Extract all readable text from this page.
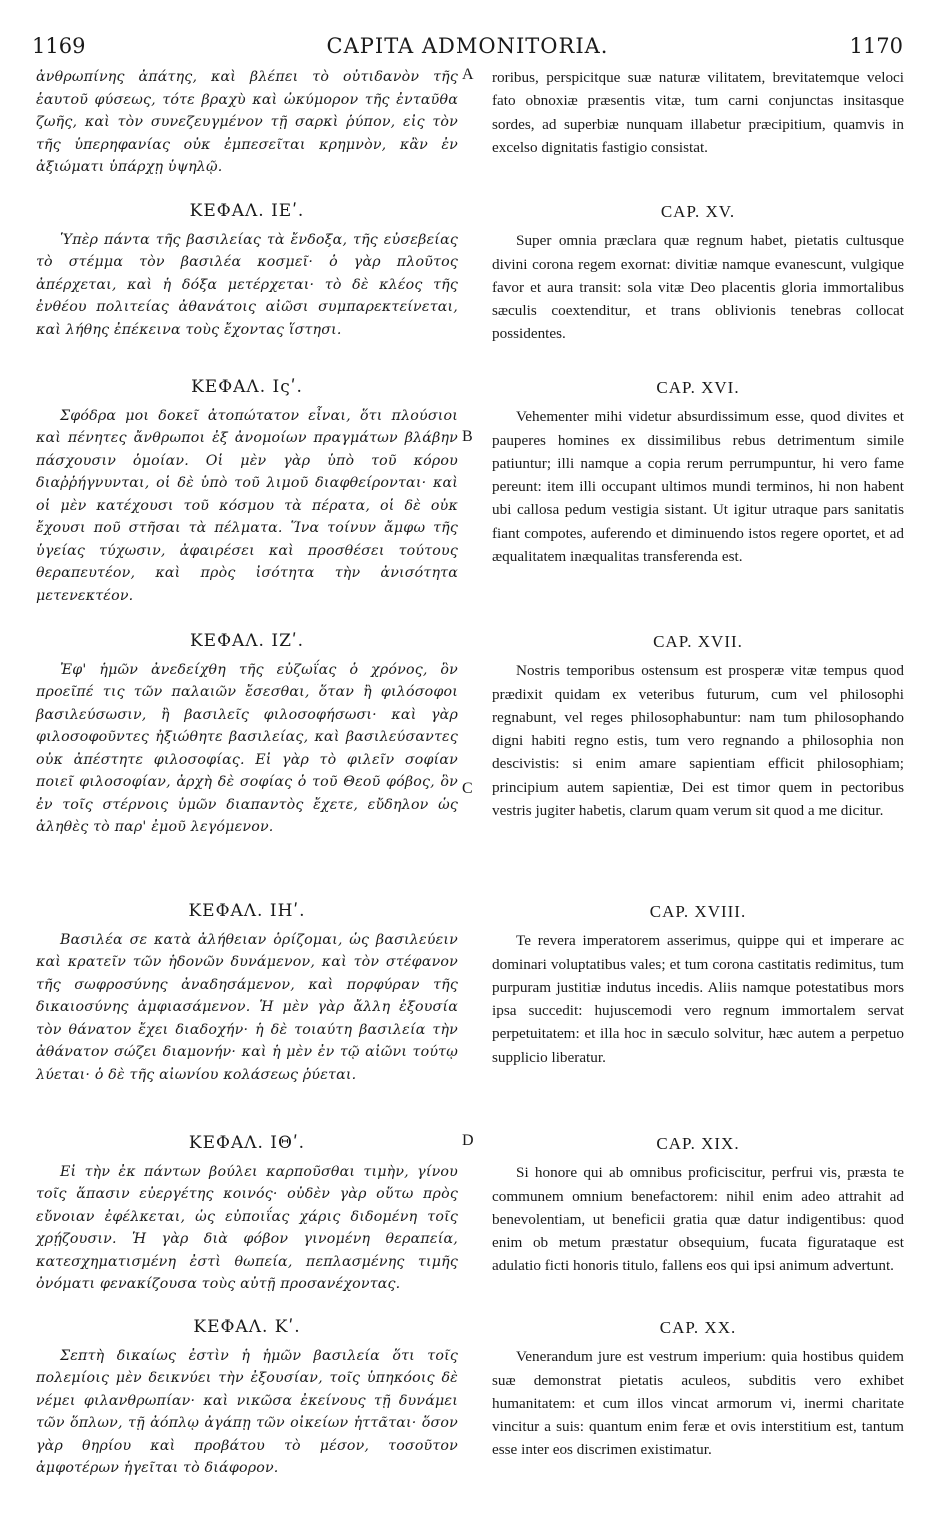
1169	CAPITA ADMONITORIA.	1170
A
B
C
D

ἀνθρωπίνης ἀπάτης, καὶ βλέπει τὸ οὐτιδανὸν τῆς ἑαυτοῦ φύσεως, τότε βραχὺ καὶ ὠκύμορον τῆς ἐνταῦθα ζωῆς, καὶ τὸν συνεζευγμένον τῇ σαρκὶ ῥύπον, εἰς τὸν τῆς ὑπερηφανίας οὐκ ἐμπεσεῖται κρημνὸν, κἂν ἐν ἀξιώματι ὑπάρχῃ ὑψηλῷ.

ΚΕΦΑΛ. ΙΕʹ.

Ὑπὲρ πάντα τῆς βασιλείας τὰ ἔνδοξα, τῆς εὐσεβείας τὸ στέμμα τὸν βασιλέα κοσμεῖ· ὁ γὰρ πλοῦτος ἀπέρχεται, καὶ ἡ δόξα μετέρχεται· τὸ δὲ κλέος τῆς ἐνθέου πολιτείας ἀθανάτοις αἰῶσι συμπαρεκτείνεται, καὶ λήθης ἐπέκεινα τοὺς ἔχοντας ἵστησι.

ΚΕΦΑΛ. Ιςʹ.

Σφόδρα μοι δοκεῖ ἀτοπώτατον εἶναι, ὅτι πλούσιοι καὶ πένητες ἄνθρωποι ἐξ ἀνομοίων πραγμάτων βλάβην πάσχουσιν ὁμοίαν. Οἱ μὲν γὰρ ὑπὸ τοῦ κόρου διαῤῥήγνυνται, οἱ δὲ ὑπὸ τοῦ λιμοῦ διαφθείρονται· καὶ οἱ μὲν κατέχουσι τοῦ κόσμου τὰ πέρατα, οἱ δὲ οὐκ ἔχουσι ποῦ στῆσαι τὰ πέλματα. Ἵνα τοίνυν ἄμφω τῆς ὑγείας τύχωσιν, ἀφαιρέσει καὶ προσθέσει τούτους θεραπευτέον, καὶ πρὸς ἰσότητα τὴν ἀνισότητα μετενεκτέον.

ΚΕΦΑΛ. ΙΖʹ.

Ἐφ' ἡμῶν ἀνεδείχθη τῆς εὐζωΐας ὁ χρόνος, ὃν προεῖπέ τις τῶν παλαιῶν ἔσεσθαι, ὅταν ἢ φιλόσοφοι βασιλεύσωσιν, ἢ βασιλεῖς φιλοσοφήσωσι· καὶ γὰρ φιλοσοφοῦντες ἠξιώθητε βασιλείας, καὶ βασιλεύσαντες οὐκ ἀπέστητε φιλοσοφίας. Εἰ γὰρ τὸ φιλεῖν σοφίαν ποιεῖ φιλοσοφίαν, ἀρχὴ δὲ σοφίας ὁ τοῦ Θεοῦ φόβος, ὃν ἐν τοῖς στέρνοις ὑμῶν διαπαντὸς ἔχετε, εὔδηλον ὡς ἀληθὲς τὸ παρ' ἐμοῦ λεγόμενον.

ΚΕΦΑΛ. ΙΗʹ.

Βασιλέα σε κατὰ ἀλήθειαν ὁρίζομαι, ὡς βασιλεύειν καὶ κρατεῖν τῶν ἡδονῶν δυνάμενον, καὶ τὸν στέφανον τῆς σωφροσύνης ἀναδησάμενον, καὶ πορφύραν τῆς δικαιοσύνης ἀμφιασάμενον. Ἡ μὲν γὰρ ἄλλη ἐξουσία τὸν θάνατον ἔχει διαδοχήν· ἡ δὲ τοιαύτη βασιλεία τὴν ἀθάνατον σώζει διαμονήν· καὶ ἡ μὲν ἐν τῷ αἰῶνι τούτῳ λύεται· ὁ δὲ τῆς αἰωνίου κολάσεως ῥύεται.

ΚΕΦΑΛ. ΙΘʹ.

Εἰ τὴν ἐκ πάντων βούλει καρποῦσθαι τιμὴν, γίνου τοῖς ἅπασιν εὐεργέτης κοινός· οὐδὲν γὰρ οὕτω πρὸς εὔνοιαν ἐφέλκεται, ὡς εὐποιΐας χάρις διδομένη τοῖς χρῄζουσιν. Ἡ γὰρ διὰ φόβον γινομένη θεραπεία, κατεσχηματισμένη ἐστὶ θωπεία, πεπλασμένης τιμῆς ὀνόματι φενακίζουσα τοὺς αὐτῇ προσανέχοντας.

ΚΕΦΑΛ. Κʹ.

Σεπτὴ δικαίως ἐστὶν ἡ ἡμῶν βασιλεία ὅτι τοῖς πολεμίοις μὲν δεικνύει τὴν ἐξουσίαν, τοῖς ὑπηκόοις δὲ νέμει φιλανθρωπίαν· καὶ νικῶσα ἐκείνους τῇ δυνάμει τῶν ὅπλων, τῇ ἀόπλῳ ἀγάπῃ τῶν οἰκείων ἡττᾶται· ὅσον γὰρ θηρίου καὶ προβάτου τὸ μέσον, τοσοῦτον ἀμφοτέρων ἡγεῖται τὸ διάφορον.

roribus, perspicitque suæ naturæ vilitatem, brevitatemque veloci fato obnoxiæ præsentis vitæ, tum carni conjunctas insitasque sordes, ad superbiæ nunquam illabetur præcipitium, quamvis in excelso dignitatis fastigio consistat.

CAP. XV.

Super omnia præclara quæ regnum habet, pietatis cultusque divini corona regem exornat: divitiæ namque evanescunt, vulgique favor et aura transit: sola vitæ Deo placentis gloria immortalibus sæculis coextenditur, et trans oblivionis tenebras collocat possidentes.

CAP. XVI.

Vehementer mihi videtur absurdissimum esse, quod divites et pauperes homines ex dissimilibus rebus detrimentum simile patiuntur; illi namque a copia rerum perrumpuntur, hi vero fame pereunt: item illi occupant ultimos mundi terminos, hi non habent ubi callosa pedum vestigia sistant. Ut igitur utraque pars sanitatis fiant compotes, auferendo et diminuendo istos regere oportet, et ad æqualitatem inæqualitas transferenda est.

CAP. XVII.

Nostris temporibus ostensum est prosperæ vitæ tempus quod prædixit quidam ex veteribus futurum, cum vel philosophi regnabunt, vel reges philosophabuntur: nam tum philosophando digni habiti regno estis, tum vero regnando a philosophia non descivistis: si enim amare sapientiam efficit philosophiam; principium autem sapientiæ, Dei est timor quem in pectoribus vestris jugiter habetis, clarum quam verum sit quod a me dicitur.

CAP. XVIII.

Te revera imperatorem asserimus, quippe qui et imperare ac dominari voluptatibus vales; et tum corona castitatis redimitus, tum purpuram justitiæ indutus incedis. Aliis namque potestatibus mors ipsa succedit: hujuscemodi vero regnum immortalem servat perpetuitatem: et illa hoc in sæculo solvitur, hæc autem a perpetuo supplicio liberatur.

CAP. XIX.

Si honore qui ab omnibus proficiscitur, perfrui vis, præsta te communem omnium benefactorem: nihil enim adeo attrahit ad benevolentiam, ut beneficii gratia quæ datur indigentibus: quod enim ob metum præstatur obsequium, fucata figurataque est adulatio ficti honoris titulo, fallens eos qui ipsi animum advertunt.

CAP. XX.

Venerandum jure est vestrum imperium: quia hostibus quidem suæ demonstrat pietatis aculeos, subditis vero exhibet humanitatem: et cum illos vincat armorum vi, inermi charitate vincitur a suis: quantum enim feræ et ovis interstitium est, tantum esse inter eos discrimen existimatur.
